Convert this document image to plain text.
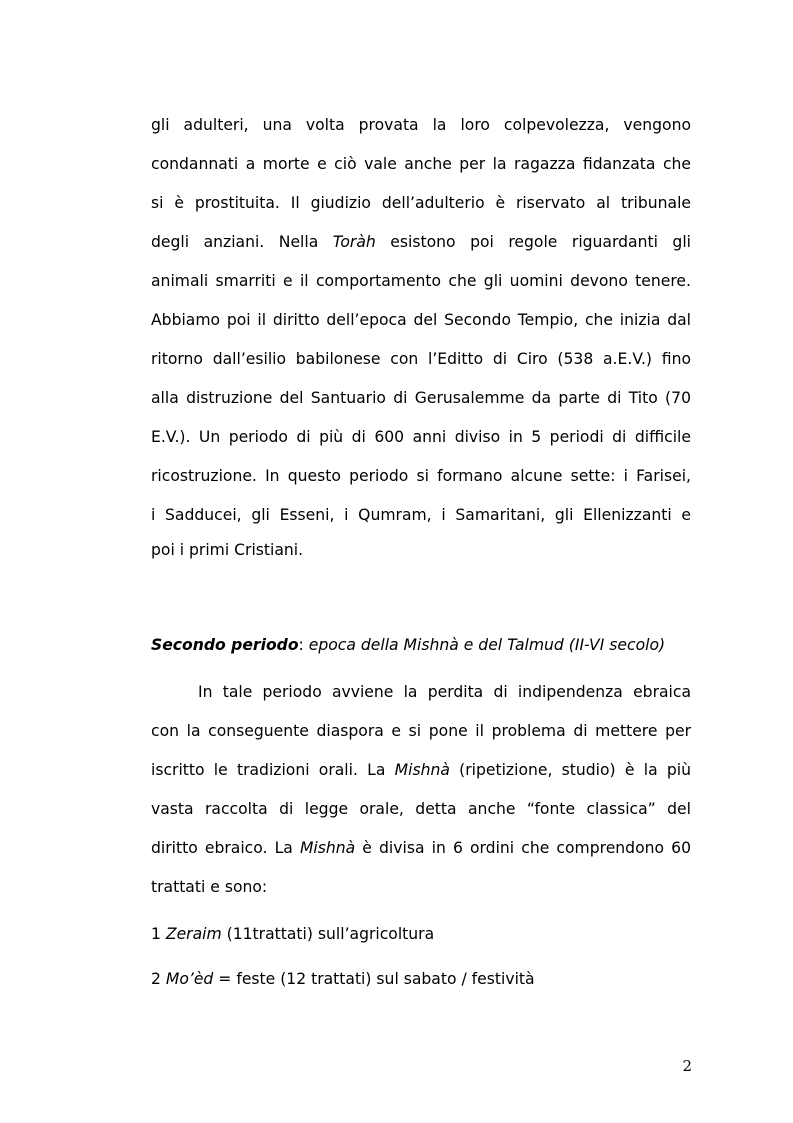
gli adulteri, una volta provata la loro colpevolezza, vengono
condannati a morte e ciò vale anche per la ragazza fidanzata che
si è prostituita. Il giudizio dell’adulterio è riservato al tribunale
degli anziani. Nella Toràh esistono poi regole riguardanti gli
animali smarriti e il comportamento che gli uomini devono tenere.
Abbiamo poi il diritto dell’epoca del Secondo Tempio, che inizia dal
ritorno dall’esilio babilonese con l’Editto di Ciro (538 a.E.V.) fino
alla distruzione del Santuario di Gerusalemme da parte di Tito (70
E.V.). Un periodo di più di 600 anni diviso in 5 periodi di difficile
ricostruzione. In questo periodo si formano alcune sette: i Farisei,
i Sadducei, gli Esseni, i Qumram, i Samaritani, gli Ellenizzanti e
poi i primi Cristiani.
Secondo periodo: epoca della Mishnà e del Talmud (II-VI secolo)
In tale periodo avviene la perdita di indipendenza ebraica
con la conseguente diaspora e si pone il problema di mettere per
iscritto le tradizioni orali. La Mishnà (ripetizione, studio) è la più
vasta raccolta di legge orale, detta anche “fonte classica” del
diritto ebraico. La Mishnà è divisa in 6 ordini che comprendono 60
trattati e sono:
1 Zeraim (11trattati) sull’agricoltura
2 Mo’èd = feste (12 trattati) sul sabato / festività
2
